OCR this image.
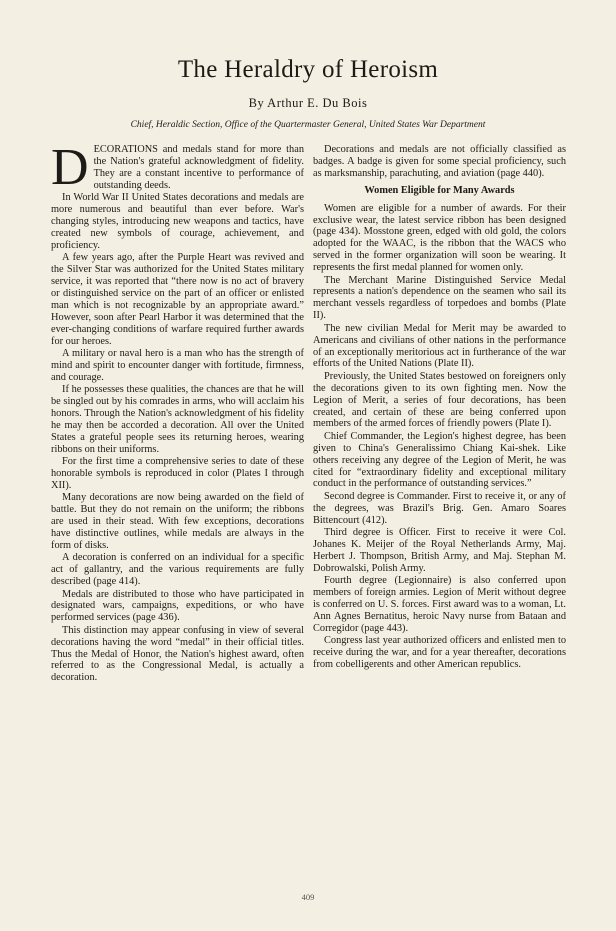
The Heraldry of Heroism
By Arthur E. Du Bois
Chief, Heraldic Section, Office of the Quartermaster General, United States War Department

DECORATIONS and medals stand for more than the Nation's grateful acknowledgment of fidelity. They are a constant incentive to performance of outstanding deeds.

In World War II United States decorations and medals are more numerous and beautiful than ever before. War's changing styles, introducing new weapons and tactics, have created new symbols of courage, achievement, and proficiency.

A few years ago, after the Purple Heart was revived and the Silver Star was authorized for the United States military service, it was reported that “there now is no act of bravery or distinguished service on the part of an officer or enlisted man which is not recognizable by an appropriate award.” However, soon after Pearl Harbor it was determined that the ever-changing conditions of warfare required further awards for our heroes.

A military or naval hero is a man who has the strength of mind and spirit to encounter danger with fortitude, firmness, and courage.

If he possesses these qualities, the chances are that he will be singled out by his comrades in arms, who will acclaim his honors. Through the Nation's acknowledgment of his fidelity he may then be accorded a decoration. All over the United States a grateful people sees its returning heroes, wearing ribbons on their uniforms.

For the first time a comprehensive series to date of these honorable symbols is reproduced in color (Plates I through XII).

Many decorations are now being awarded on the field of battle. But they do not remain on the uniform; the ribbons are used in their stead. With few exceptions, decorations have distinctive outlines, while medals are always in the form of disks.

A decoration is conferred on an individual for a specific act of gallantry, and the various requirements are fully described (page 414).

Medals are distributed to those who have participated in designated wars, campaigns, expeditions, or who have performed services (page 436).

This distinction may appear confusing in view of several decorations having the word “medal” in their official titles. Thus the Medal of Honor, the Nation's highest award, often referred to as the Congressional Medal, is actually a decoration.

Decorations and medals are not officially classified as badges. A badge is given for some special proficiency, such as marksmanship, parachuting, and aviation (page 440).

Women Eligible for Many Awards

Women are eligible for a number of awards. For their exclusive wear, the latest service ribbon has been designed (page 434). Mosstone green, edged with old gold, the colors adopted for the WAAC, is the ribbon that the WACS who served in the former organization will soon be wearing. It represents the first medal planned for women only.

The Merchant Marine Distinguished Service Medal represents a nation's dependence on the seamen who sail its merchant vessels regardless of torpedoes and bombs (Plate II).

The new civilian Medal for Merit may be awarded to Americans and civilians of other nations in the performance of an exceptionally meritorious act in furtherance of the war efforts of the United Nations (Plate II).

Previously, the United States bestowed on foreigners only the decorations given to its own fighting men. Now the Legion of Merit, a series of four decorations, has been created, and certain of these are being conferred upon members of the armed forces of friendly powers (Plate I).

Chief Commander, the Legion's highest degree, has been given to China's Generalissimo Chiang Kai-shek. Like others receiving any degree of the Legion of Merit, he was cited for “extraordinary fidelity and exceptional military conduct in the performance of outstanding services.”

Second degree is Commander. First to receive it, or any of the degrees, was Brazil's Brig. Gen. Amaro Soares Bittencourt (412).

Third degree is Officer. First to receive it were Col. Johanes K. Meijer of the Royal Netherlands Army, Maj. Herbert J. Thompson, British Army, and Maj. Stephan M. Dobrowalski, Polish Army.

Fourth degree (Legionnaire) is also conferred upon members of foreign armies. Legion of Merit without degree is conferred on U. S. forces. First award was to a woman, Lt. Ann Agnes Bernatitus, heroic Navy nurse from Bataan and Corregidor (page 443).

Congress last year authorized officers and enlisted men to receive during the war, and for a year thereafter, decorations from cobelligerents and other American republics.

409
